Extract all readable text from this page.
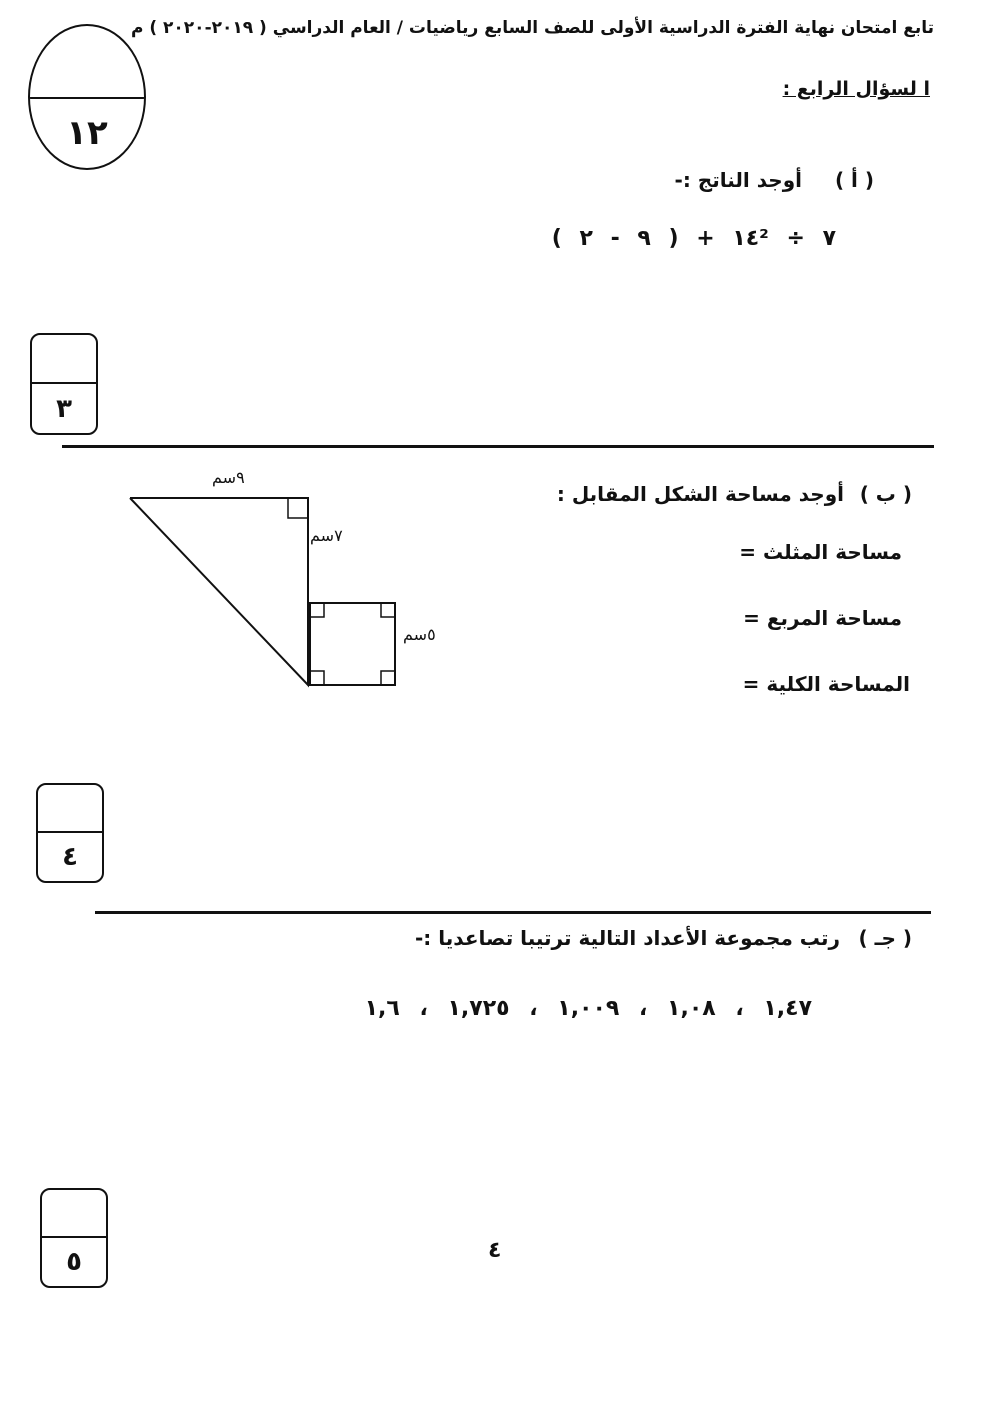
تابع امتحان نهاية الفترة الدراسية الأولى للصف السابع رياضيات / العام الدراسي ( ٢٠١٩-٢٠٢٠ ) م
١٢
ا لسؤال الرابع :
( أ )
أوجد الناتج :-
١٤ + ( ٩ - ٢ )² ÷ ٧
٣
( ب )
أوجد مساحة الشكل المقابل :
مساحة المثلث =
مساحة المربع =
المساحة الكلية =
٩سم
٧سم
٥سم
٤
( جـ )
رتب مجموعة الأعداد التالية ترتيبا تصاعديا :-
١,٤٧ ، ١,٠٨ ، ١,٠٠٩ ، ١,٧٢٥ ، ١,٦
٥	٤
